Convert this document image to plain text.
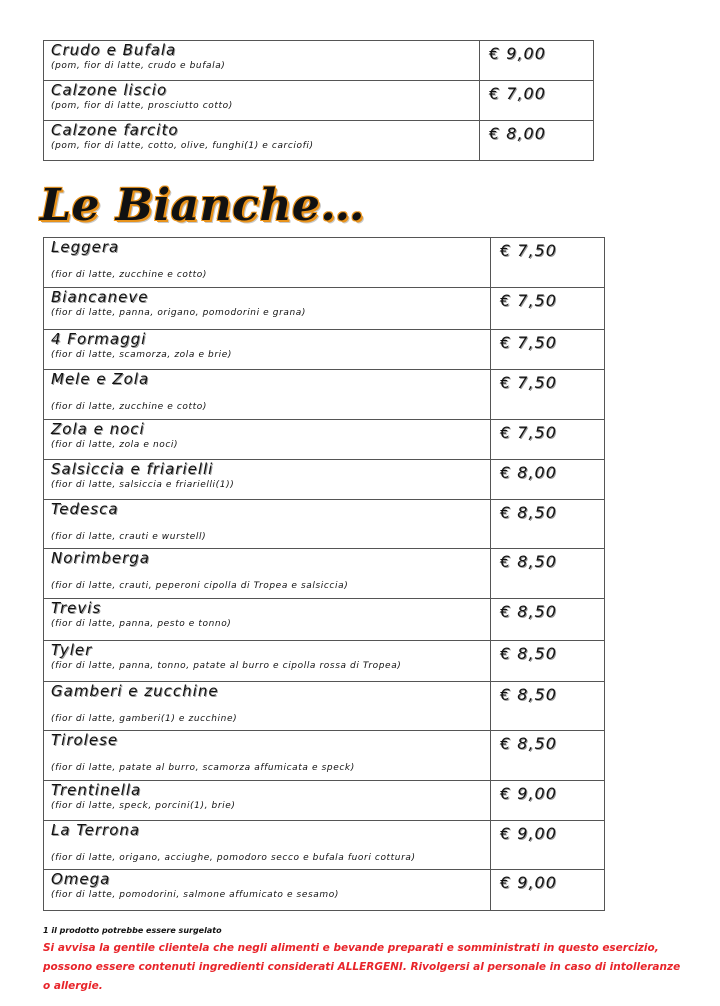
Crudo e Bufala
(pom, fior di latte, crudo e bufala)	€ 9,00

Calzone liscio
(pom, fior di latte, prosciutto cotto)	€ 7,00

Calzone farcito
(pom, fior di latte, cotto, olive, funghi(1) e carciofi)	€ 8,00
Le Bianche…
Leggera
(fior di latte, zucchine e cotto)	€ 7,50

Biancaneve
(fior di latte, panna, origano, pomodorini e grana)	€ 7,50

4 Formaggi
(fior di latte, scamorza, zola e brie)	€ 7,50

Mele e Zola
(fior di latte, zucchine e cotto)	€ 7,50

Zola e noci
(fior di latte, zola e noci)	€ 7,50

Salsiccia e friarielli
(fior di latte, salsiccia e friarielli(1))	€ 8,00

Tedesca
(fior di latte, crauti e wurstell)	€ 8,50

Norimberga
(fior di latte, crauti, peperoni cipolla di Tropea e salsiccia)	€ 8,50

Trevis
(fior di latte, panna, pesto e tonno)	€ 8,50

Tyler
(fior di latte, panna, tonno, patate al burro e cipolla rossa di Tropea)	€ 8,50

Gamberi e zucchine
(fior di latte, gamberi(1) e zucchine)	€ 8,50

Tirolese
(fior di latte, patate al burro, scamorza affumicata e speck)	€ 8,50

Trentinella
(fior di latte, speck, porcini(1), brie)	€ 9,00

La Terrona
(fior di latte, origano, acciughe, pomodoro secco e bufala fuori cottura)	€ 9,00

Omega
(fior di latte, pomodorini, salmone affumicato e sesamo)	€ 9,00
1 il prodotto potrebbe essere surgelato
Si avvisa la gentile clientela che negli alimenti e bevande preparati e somministrati in questo esercizio, possono essere contenuti ingredienti considerati ALLERGENI. Rivolgersi al personale in caso di intolleranze o allergie.
